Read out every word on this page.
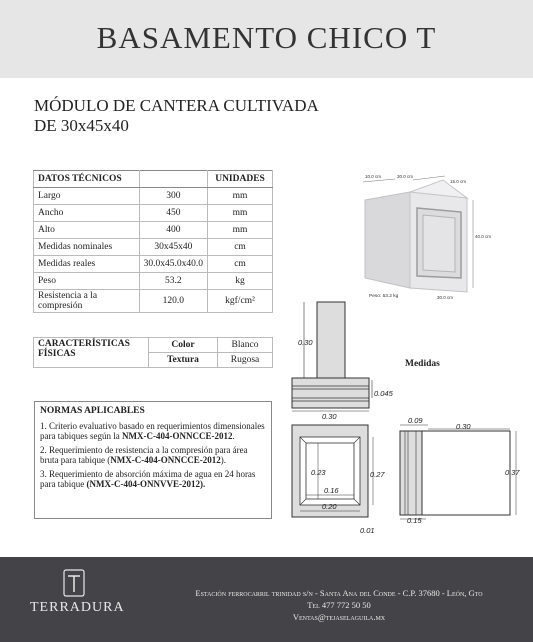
BASAMENTO CHICO T
MÓDULO DE CANTERA CULTIVADA
DE 30x45x40
DATOS TÉCNICOS		UNIDADES
Largo	300	mm
Ancho	450	mm
Alto	400	mm
Medidas nominales	30x45x40	cm
Medidas reales	30.0x45.0x40.0	cm
Peso	53.2	kg
Resistencia a la compresión	120.0	kgf/cm²
10.0 cm	30.0 cm
15.0 cm
40.0 cm
30.0 cm
Peso: 53.2 kg
CARACTERÍSTICAS FÍSICAS	Color	Blanco
	Textura	Rugosa	Medidas
NORMAS APLICABLES

1. Criterio evaluativo basado en requerimientos dimensionales para tabiques según la NMX-C-404-ONNCCE-2012.

2. Requerimiento de resistencia a la compresión para área bruta para tabique (NMX-C-404-ONNCCE-2012).

3. Requerimiento de absorción máxima de agua en 24 horas para tabique (NMX-C-404-ONNVVE-2012).

0.30
0.045
0.30
0.23	0.27
0.16
0.20
0.01
0.09
0.30
0.37
0.15
TERRADURA
Estación ferrocarril trinidad s/n - Santa Ana del Conde - C.P. 37680 - León, Gto
Tel 477 772 50 50
Ventas@tejaselaguila.mx
